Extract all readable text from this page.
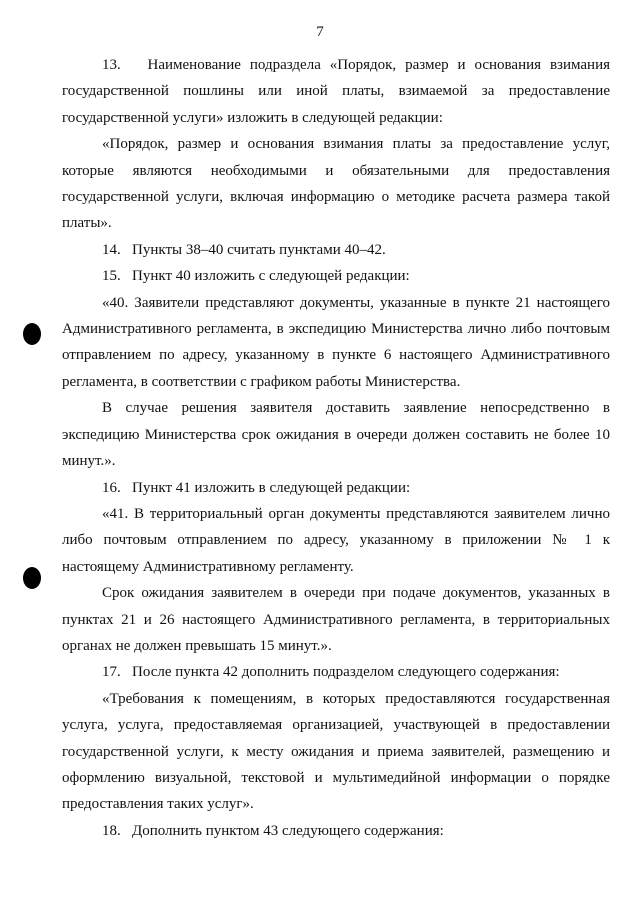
7

13.   Наименование подраздела «Порядок, размер и основания взимания государственной пошлины или иной платы, взимаемой за предоставление государственной услуги» изложить в следующей редакции:

«Порядок, размер и основания взимания платы за предоставление услуг, которые являются необходимыми и обязательными для предоставления государственной услуги, включая информацию о методике расчета размера такой платы».

14.   Пункты 38–40 считать пунктами 40–42.

15.   Пункт 40 изложить с следующей редакции:

«40. Заявители представляют документы, указанные в пункте 21 настоящего Административного регламента, в экспедицию Министерства лично либо почтовым отправлением по адресу, указанному в пункте 6 настоящего Административного регламента, в соответствии с графиком работы Министерства.

В случае решения заявителя доставить заявление непосредственно в экспедицию Министерства срок ожидания в очереди должен составить не более 10 минут.».

16.   Пункт 41 изложить в следующей редакции:

«41. В территориальный орган документы представляются заявителем лично либо почтовым отправлением по адресу, указанному в приложении № 1 к настоящему Административному регламенту.

Срок ожидания заявителем в очереди при подаче документов, указанных в пунктах 21 и 26 настоящего Административного регламента, в территориальных органах не должен превышать 15 минут.».

17.   После пункта 42 дополнить подразделом следующего содержания:

«Требования к помещениям, в которых предоставляются государственная услуга, услуга, предоставляемая организацией, участвующей в предоставлении государственной услуги, к месту ожидания и приема заявителей, размещению и оформлению визуальной, текстовой и мультимедийной информации о порядке предоставления таких услуг».

18.   Дополнить пунктом 43 следующего содержания:
